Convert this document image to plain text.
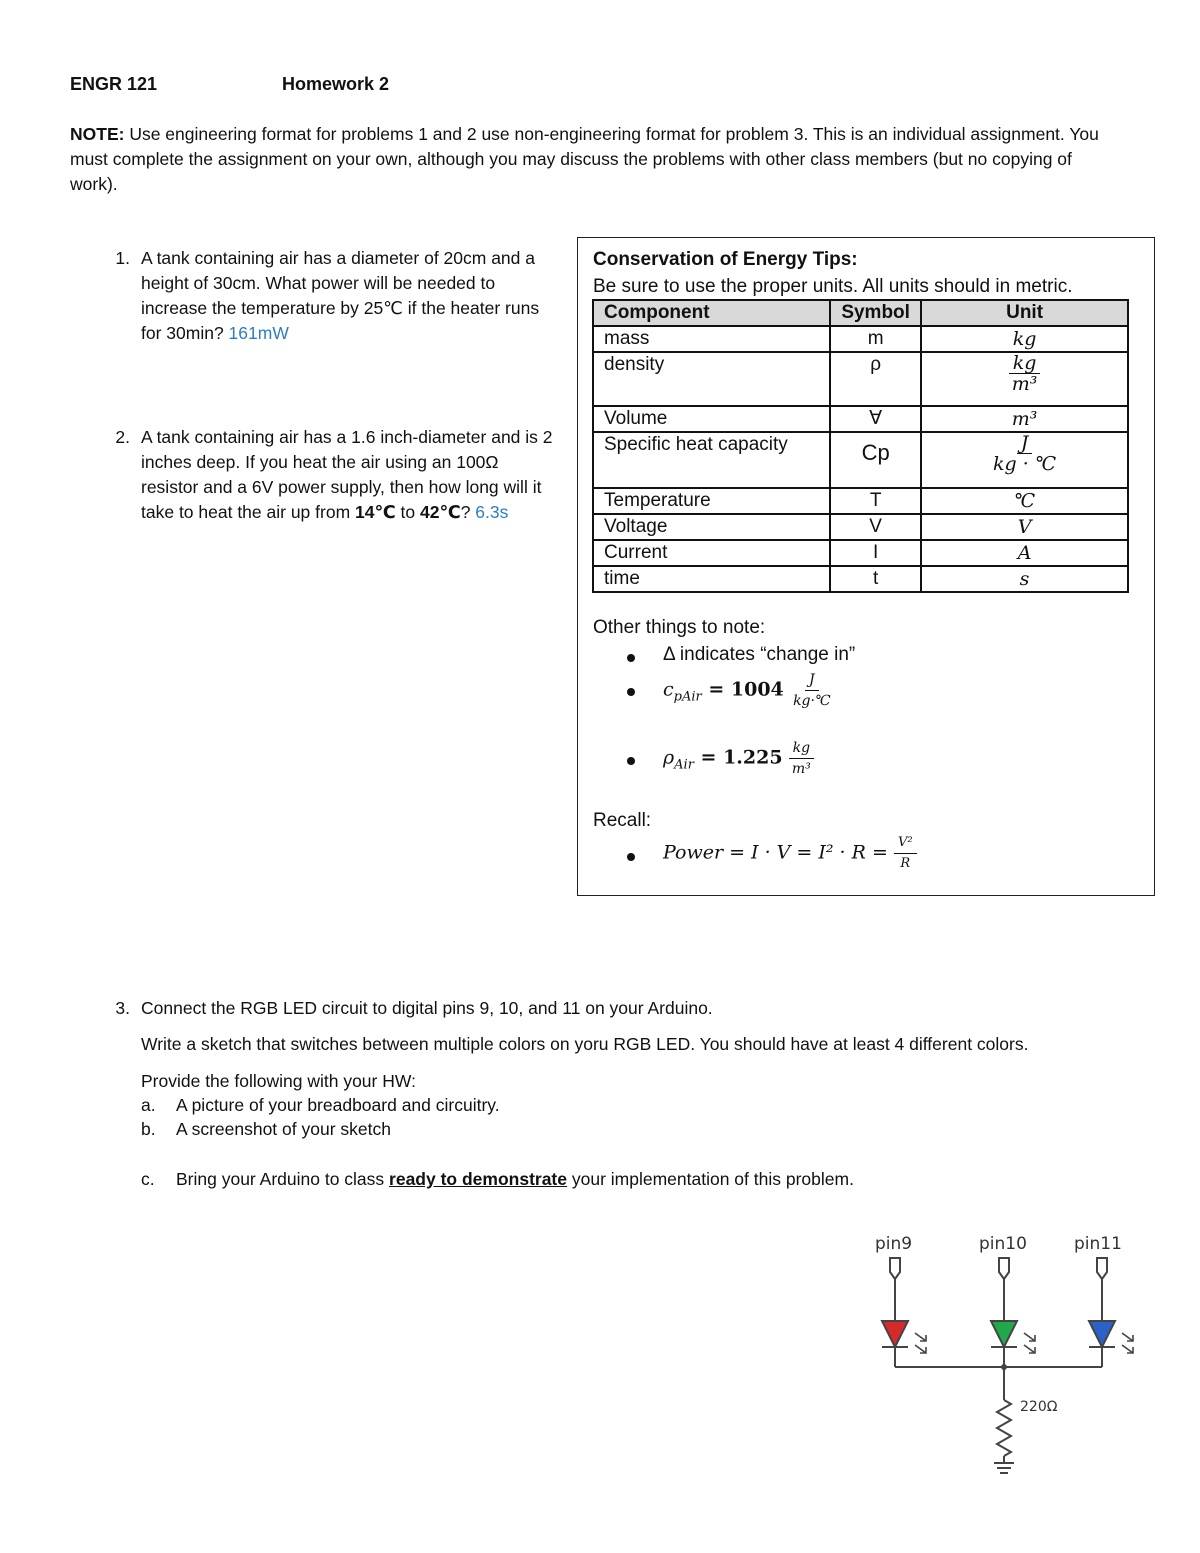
ENGR 121	Homework 2
NOTE: Use engineering format for problems 1 and 2 use non-engineering format for problem 3. This is an individual assignment. You must complete the assignment on your own, although you may discuss the problems with other class members (but no copying of work).
1. A tank containing air has a diameter of 20cm and a
height of 30cm. What power will be needed to
increase the temperature by 25℃ if the heater runs
for 30min? 161mW
2. A tank containing air has a 1.6 inch-diameter and is 2
inches deep. If you heat the air using an 100Ω
resistor and a 6V power supply, then how long will it
take to heat the air up from 14℃ to 42℃? 6.3s
Conservation of Energy Tips:
Be sure to use the proper units. All units should in metric.
Component	Symbol	Unit
mass	m	kg
density	ρ	$\frac{kg}{\text{m³}}$

Volume	∀	m³
Specific heat capacity	Cp	$\frac{J}{kg \cdot ℃}$

Temperature	T	℃
Voltage	V	V
Current	I	A
time	t	s
Other things to note:
Δ indicates “change in”
$c_{pAir} = 1004 \frac{J}{kg\cdot℃}$
$\rho_{Air} = 1.225 \frac{kg}{\text{m³}}$
Recall:
Power = $I \cdot V = I^2 \cdot R = \frac{\text{V²}}{R}$
3. Connect the RGB LED circuit to digital pins 9, 10, and 11 on your Arduino.
Write a sketch that switches between multiple colors on yoru RGB LED. You should have at least 4 different colors.
Provide the following with your HW:
a.	A picture of your breadboard and circuitry.
b.	A screenshot of your sketch
c.	Bring your Arduino to class ready to demonstrate your implementation of this problem.
pin9	pin10	pin11
220Ω
